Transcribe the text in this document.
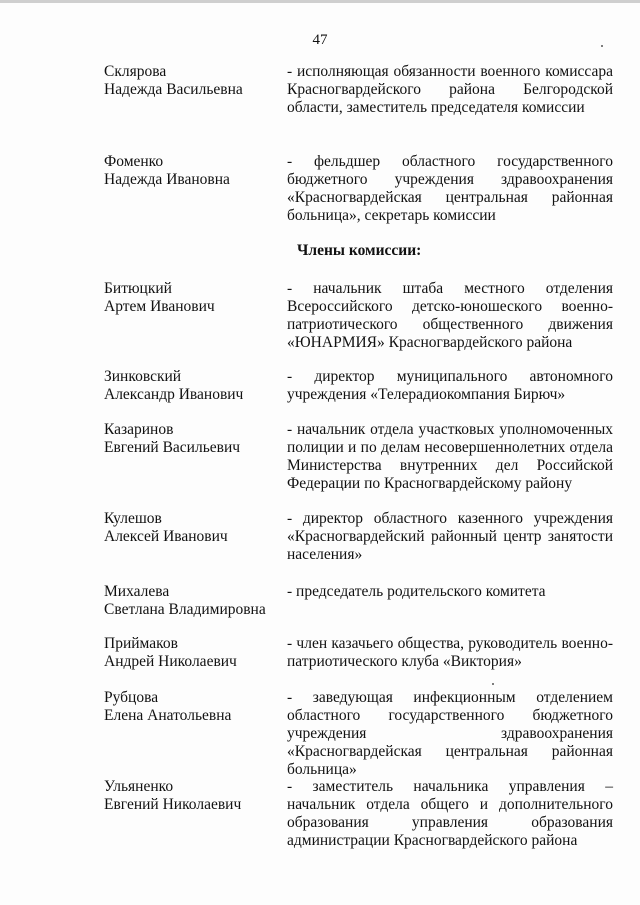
47
Склярова
Надежда Васильевна
- исполняющая обязанности военного комиссара Красногвардейского района Белгородской области, заместитель председателя комиссии
Фоменко
Надежда Ивановна
- фельдшер областного государственного бюджетного учреждения здравоохранения «Красногвардейская центральная районная больница», секретарь комиссии
Члены комиссии:
Битюцкий
Артем Иванович
- начальник штаба местного отделения Всероссийского детско-юношеского военно-патриотического общественного движения «ЮНАРМИЯ» Красногвардейского района
Зинковский
Александр Иванович
- директор муниципального автономного учреждения «Телерадиокомпания Бирюч»
Казаринов
Евгений Васильевич
- начальник отдела участковых уполномоченных полиции и по делам несовершеннолетних отдела Министерства внутренних дел Российской Федерации по Красногвардейскому району
Кулешов
Алексей Иванович
- директор областного казенного учреждения «Красногвардейский районный центр занятости населения»
Михалева
Светлана Владимировна
- председатель родительского комитета
Приймаков
Андрей Николаевич
- член казачьего общества, руководитель военно-патриотического клуба «Виктория»
Рубцова
Елена Анатольевна
- заведующая инфекционным отделением областного государственного бюджетного учреждения здравоохранения «Красногвардейская центральная районная больница»
Ульяненко
Евгений Николаевич
- заместитель начальника управления – начальник отдела общего и дополнительного образования управления образования администрации Красногвардейского района
